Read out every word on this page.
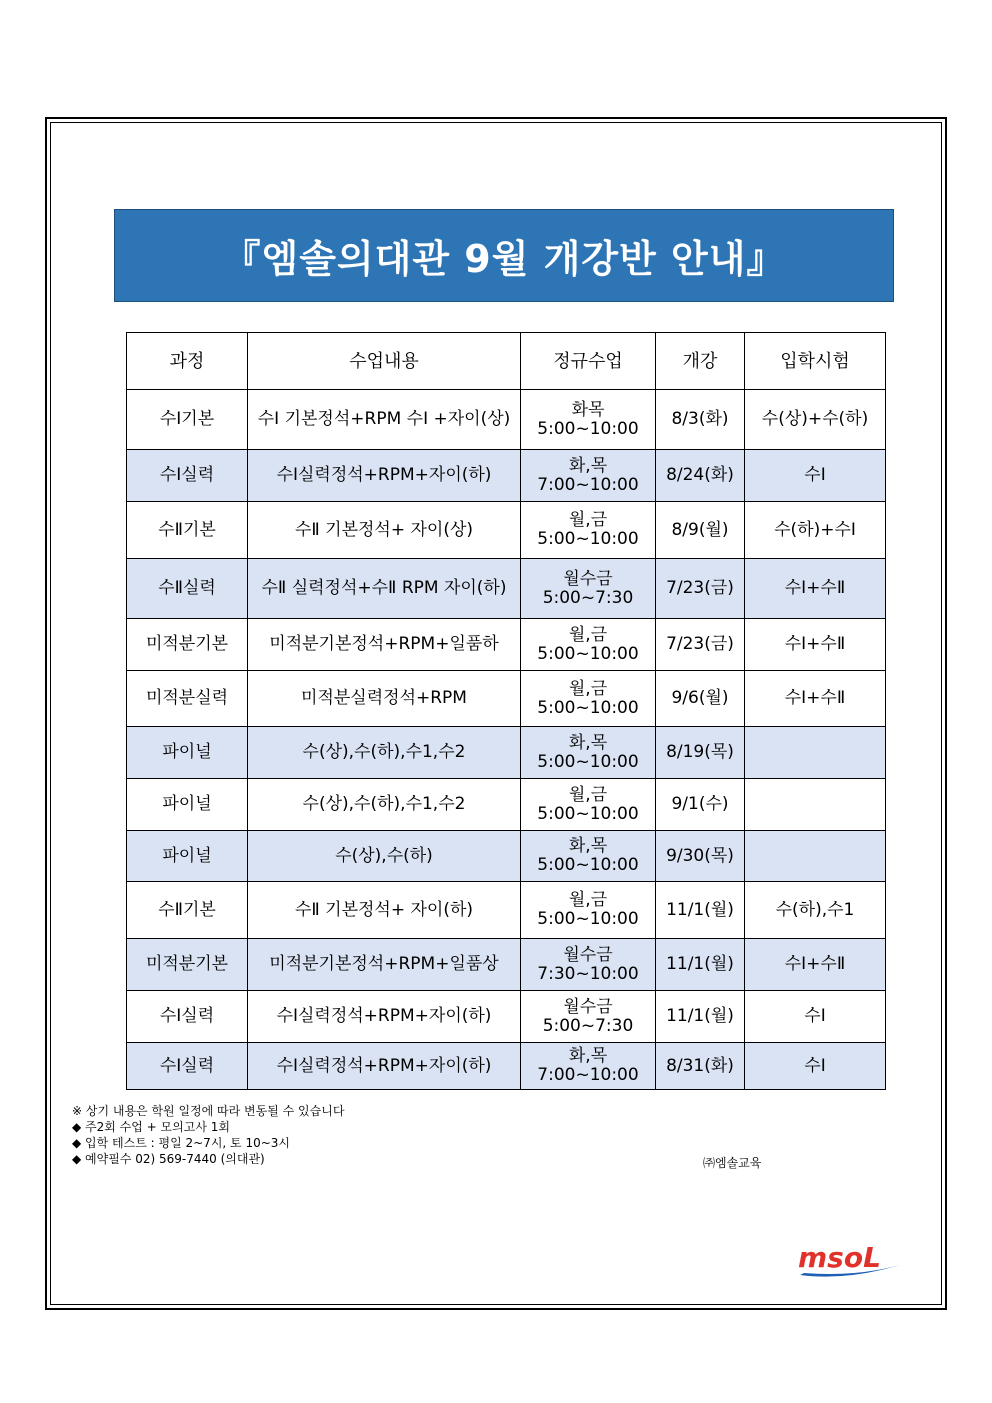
『엠솔의대관 9월 개강반 안내』
과정	수업내용	정규수업	개강	입학시험
수Ⅰ기본	수Ⅰ 기본정석+RPM 수Ⅰ +자이(상)	화목
5:00~10:00	8/3(화)	수(상)+수(하)
수Ⅰ실력	수Ⅰ실력정석+RPM+자이(하)	화,목
7:00~10:00	8/24(화)	수Ⅰ
수Ⅱ기본	수Ⅱ 기본정석+ 자이(상)	월,금
5:00~10:00	8/9(월)	수(하)+수Ⅰ
수Ⅱ실력	수Ⅱ 실력정석+수Ⅱ RPM 자이(하)	월수금
5:00~7:30	7/23(금)	수Ⅰ+수Ⅱ
미적분기본	미적분기본정석+RPM+일품하	월,금
5:00~10:00	7/23(금)	수Ⅰ+수Ⅱ
미적분실력	미적분실력정석+RPM	월,금
5:00~10:00	9/6(월)	수Ⅰ+수Ⅱ
파이널	수(상),수(하),수1,수2	화,목
5:00~10:00	8/19(목)	
파이널	수(상),수(하),수1,수2	월,금
5:00~10:00	9/1(수)	
파이널	수(상),수(하)	화,목
5:00~10:00	9/30(목)	
수Ⅱ기본	수Ⅱ 기본정석+ 자이(하)	월,금
5:00~10:00	11/1(월)	수(하),수1
미적분기본	미적분기본정석+RPM+일품상	월수금
7:30~10:00	11/1(월)	수Ⅰ+수Ⅱ
수Ⅰ실력	수Ⅰ실력정석+RPM+자이(하)	월수금
5:00~7:30	11/1(월)	수Ⅰ
수Ⅰ실력	수Ⅰ실력정석+RPM+자이(하)	화,목
7:00~10:00	8/31(화)	수Ⅰ
※ 상기 내용은 학원 일정에 따라 변동될 수 있습니다
◆ 주2회 수업 + 모의고사 1회
◆ 입학 테스트 : 평일 2~7시, 토 10~3시
◆ 예약필수 02) 569-7440 (의대관)	㈜엠솔교육
msoL
